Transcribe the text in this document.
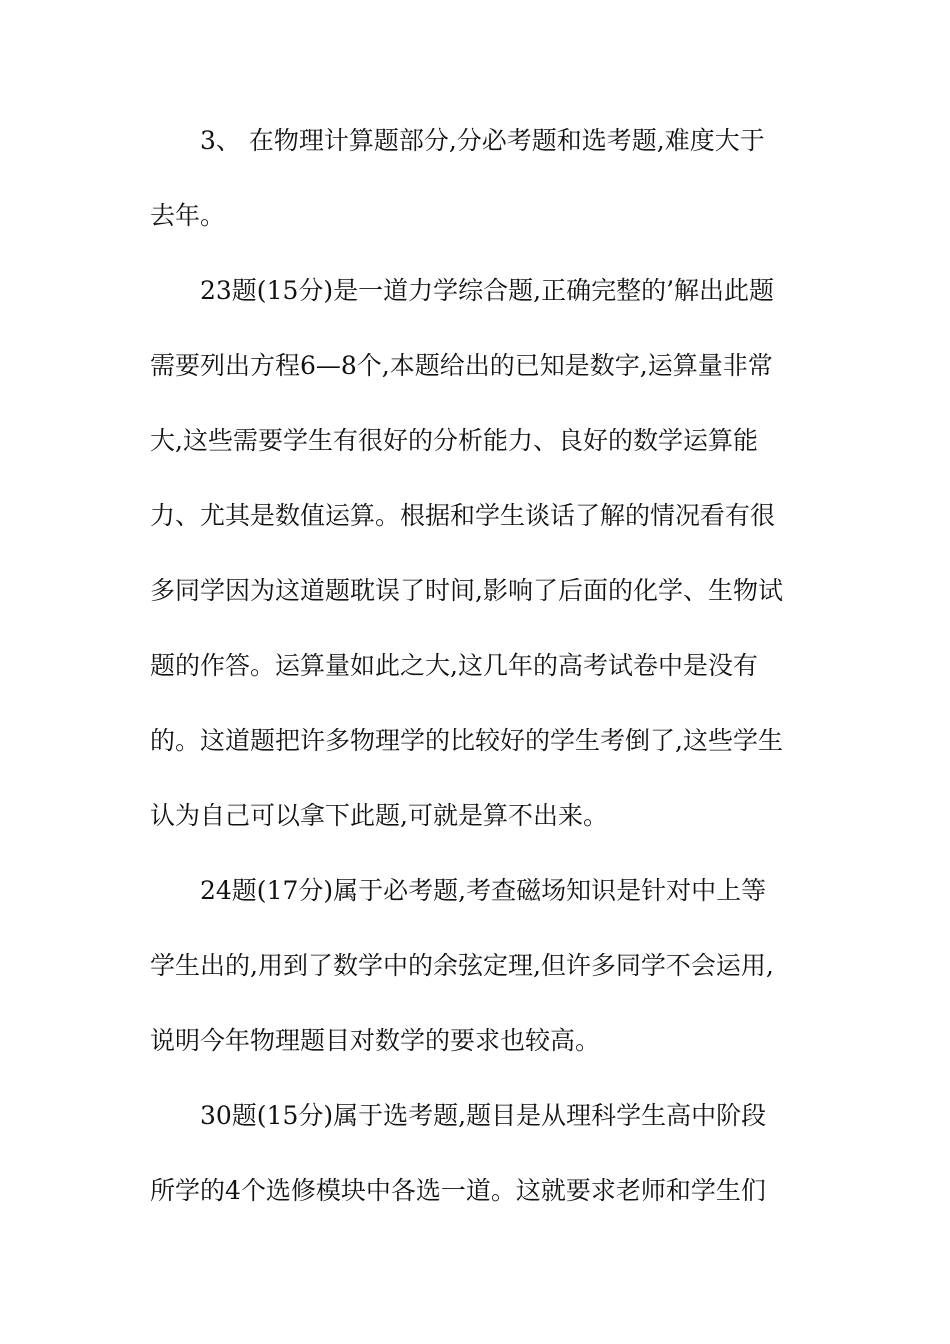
3、 在物理计算题部分,分必考题和选考题,难度大于
去年。
23题(15分)是一道力学综合题,正确完整的’解出此题
需要列出方程6—8个,本题给出的已知是数字,运算量非常
大,这些需要学生有很好的分析能力、良好的数学运算能
力、尤其是数值运算。根据和学生谈话了解的情况看有很
多同学因为这道题耽误了时间,影响了后面的化学、生物试
题的作答。运算量如此之大,这几年的高考试卷中是没有
的。这道题把许多物理学的比较好的学生考倒了,这些学生
认为自己可以拿下此题,可就是算不出来。
24题(17分)属于必考题,考查磁场知识是针对中上等
学生出的,用到了数学中的余弦定理,但许多同学不会运用,
说明今年物理题目对数学的要求也较高。
30题(15分)属于选考题,题目是从理科学生高中阶段
所学的4个选修模块中各选一道。这就要求老师和学生们
